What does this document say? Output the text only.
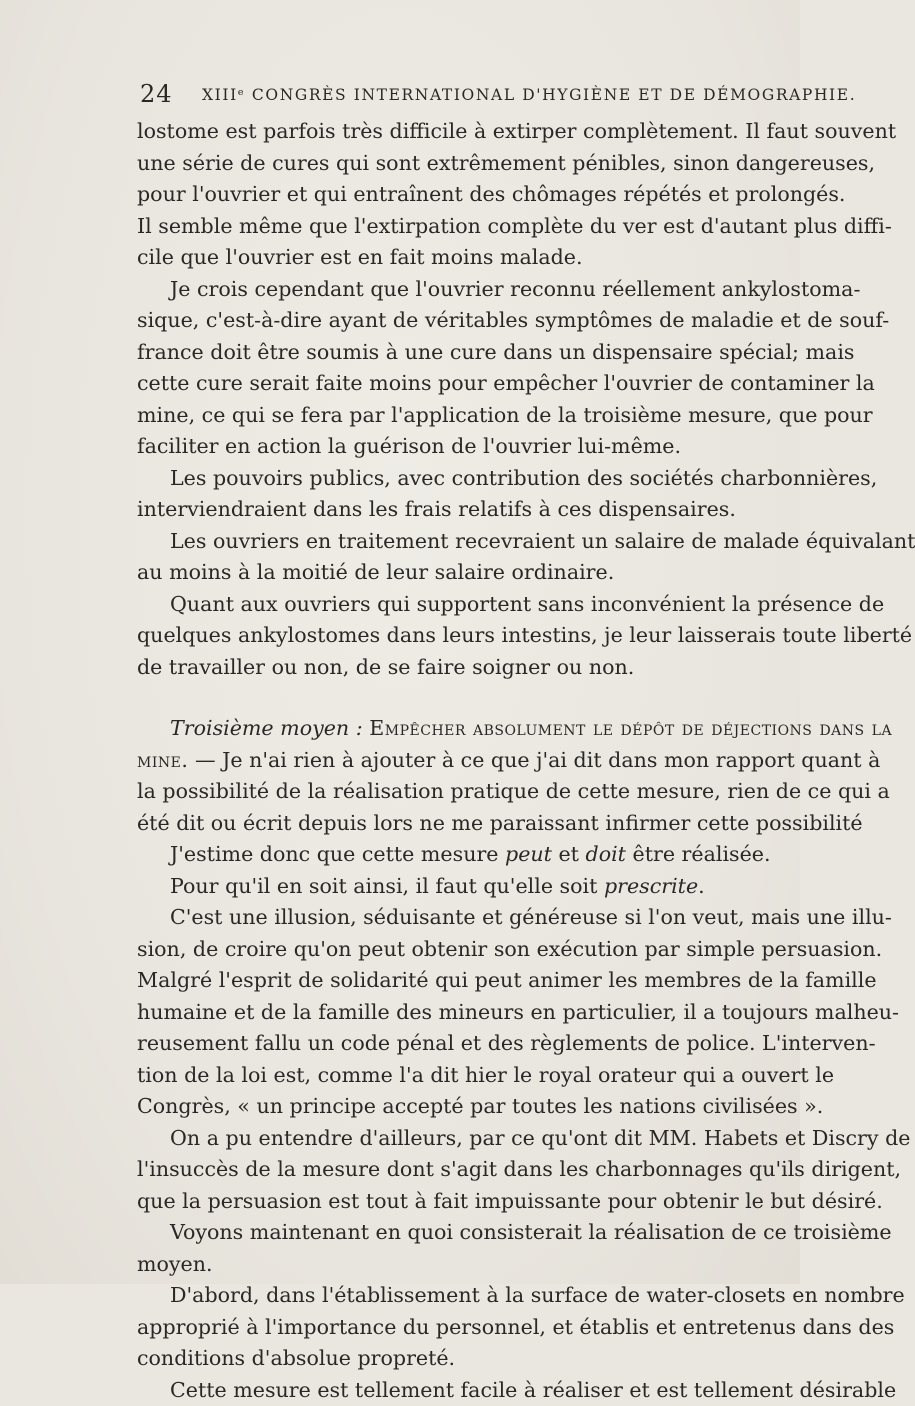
24 XIIIᵉ CONGRÈS INTERNATIONAL D'HYGIÈNE ET DE DÉMOGRAPHIE.
lostome est parfois très difficile à extirper complètement. Il faut souvent
une série de cures qui sont extrêmement pénibles, sinon dangereuses,
pour l'ouvrier et qui entraînent des chômages répétés et prolongés.
Il semble même que l'extirpation complète du ver est d'autant plus diffi-
cile que l'ouvrier est en fait moins malade.
Je crois cependant que l'ouvrier reconnu réellement ankylostoma-
sique, c'est-à-dire ayant de véritables symptômes de maladie et de souf-
france doit être soumis à une cure dans un dispensaire spécial; mais
cette cure serait faite moins pour empêcher l'ouvrier de contaminer la
mine, ce qui se fera par l'application de la troisième mesure, que pour
faciliter en action la guérison de l'ouvrier lui-même.
Les pouvoirs publics, avec contribution des sociétés charbonnières,
interviendraient dans les frais relatifs à ces dispensaires.
Les ouvriers en traitement recevraient un salaire de malade équivalant
au moins à la moitié de leur salaire ordinaire.
Quant aux ouvriers qui supportent sans inconvénient la présence de
quelques ankylostomes dans leurs intestins, je leur laisserais toute liberté
de travailler ou non, de se faire soigner ou non.
Troisième moyen : Empêcher absolument le dépôt de déjections dans la
mine. — Je n'ai rien à ajouter à ce que j'ai dit dans mon rapport quant à
la possibilité de la réalisation pratique de cette mesure, rien de ce qui a
été dit ou écrit depuis lors ne me paraissant infirmer cette possibilité
J'estime donc que cette mesure peut et doit être réalisée.
Pour qu'il en soit ainsi, il faut qu'elle soit prescrite.
C'est une illusion, séduisante et généreuse si l'on veut, mais une illu-
sion, de croire qu'on peut obtenir son exécution par simple persuasion.
Malgré l'esprit de solidarité qui peut animer les membres de la famille
humaine et de la famille des mineurs en particulier, il a toujours malheu-
reusement fallu un code pénal et des règlements de police. L'interven-
tion de la loi est, comme l'a dit hier le royal orateur qui a ouvert le
Congrès, « un principe accepté par toutes les nations civilisées ».
On a pu entendre d'ailleurs, par ce qu'ont dit MM. Habets et Discry de
l'insuccès de la mesure dont s'agit dans les charbonnages qu'ils dirigent,
que la persuasion est tout à fait impuissante pour obtenir le but désiré.
Voyons maintenant en quoi consisterait la réalisation de ce troisième
moyen.
D'abord, dans l'établissement à la surface de water-closets en nombre
approprié à l'importance du personnel, et établis et entretenus dans des
conditions d'absolue propreté.
Cette mesure est tellement facile à réaliser et est tellement désirable
